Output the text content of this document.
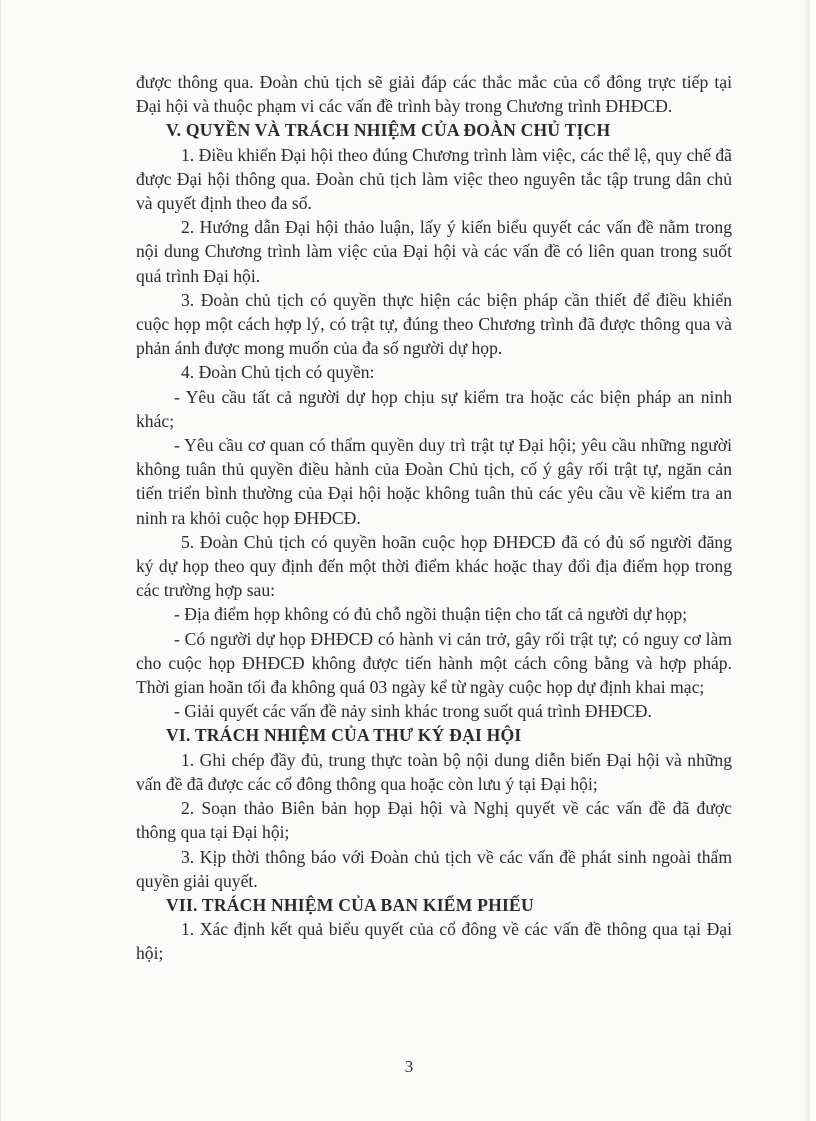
được thông qua. Đoàn chủ tịch sẽ giải đáp các thắc mắc của cổ đông trực tiếp tại Đại hội và thuộc phạm vi các vấn đề trình bày trong Chương trình ĐHĐCĐ.

V. QUYỀN VÀ TRÁCH NHIỆM CỦA ĐOÀN CHỦ TỊCH

1. Điều khiển Đại hội theo đúng Chương trình làm việc, các thể lệ, quy chế đã được Đại hội thông qua. Đoàn chủ tịch làm việc theo nguyên tắc tập trung dân chủ và quyết định theo đa số.

2. Hướng dẫn Đại hội thảo luận, lấy ý kiến biểu quyết các vấn đề nằm trong nội dung Chương trình làm việc của Đại hội và các vấn đề có liên quan trong suốt quá trình Đại hội.

3. Đoàn chủ tịch có quyền thực hiện các biện pháp cần thiết để điều khiển cuộc họp một cách hợp lý, có trật tự, đúng theo Chương trình đã được thông qua và phản ánh được mong muốn của đa số người dự họp.

4. Đoàn Chủ tịch có quyền:

- Yêu cầu tất cả người dự họp chịu sự kiểm tra hoặc các biện pháp an ninh khác;

- Yêu cầu cơ quan có thẩm quyền duy trì trật tự Đại hội; yêu cầu những người không tuân thủ quyền điều hành của Đoàn Chủ tịch, cố ý gây rối trật tự, ngăn cản tiến triển bình thường của Đại hội hoặc không tuân thủ các yêu cầu về kiểm tra an ninh ra khỏi cuộc họp ĐHĐCĐ.

5. Đoàn Chủ tịch có quyền hoãn cuộc họp ĐHĐCĐ đã có đủ số người đăng ký dự họp theo quy định đến một thời điểm khác hoặc thay đổi địa điểm họp trong các trường hợp sau:

- Địa điểm họp không có đủ chỗ ngồi thuận tiện cho tất cả người dự họp;

- Có người dự họp ĐHĐCĐ có hành vi cản trở, gây rối trật tự; có nguy cơ làm cho cuộc họp ĐHĐCĐ không được tiến hành một cách công bằng và hợp pháp. Thời gian hoãn tối đa không quá 03 ngày kể từ ngày cuộc họp dự định khai mạc;

- Giải quyết các vấn đề nảy sinh khác trong suốt quá trình ĐHĐCĐ.

VI. TRÁCH NHIỆM CỦA THƯ KÝ ĐẠI HỘI

1. Ghi chép đầy đủ, trung thực toàn bộ nội dung diễn biến Đại hội và những vấn đề đã được các cổ đông thông qua hoặc còn lưu ý tại Đại hội;

2. Soạn thảo Biên bản họp Đại hội và Nghị quyết về các vấn đề đã được thông qua tại Đại hội;

3. Kịp thời thông báo với Đoàn chủ tịch về các vấn đề phát sinh ngoài thẩm quyền giải quyết.

VII. TRÁCH NHIỆM CỦA BAN KIỂM PHIẾU

1. Xác định kết quả biểu quyết của cổ đông về các vấn đề thông qua tại Đại hội;

3
